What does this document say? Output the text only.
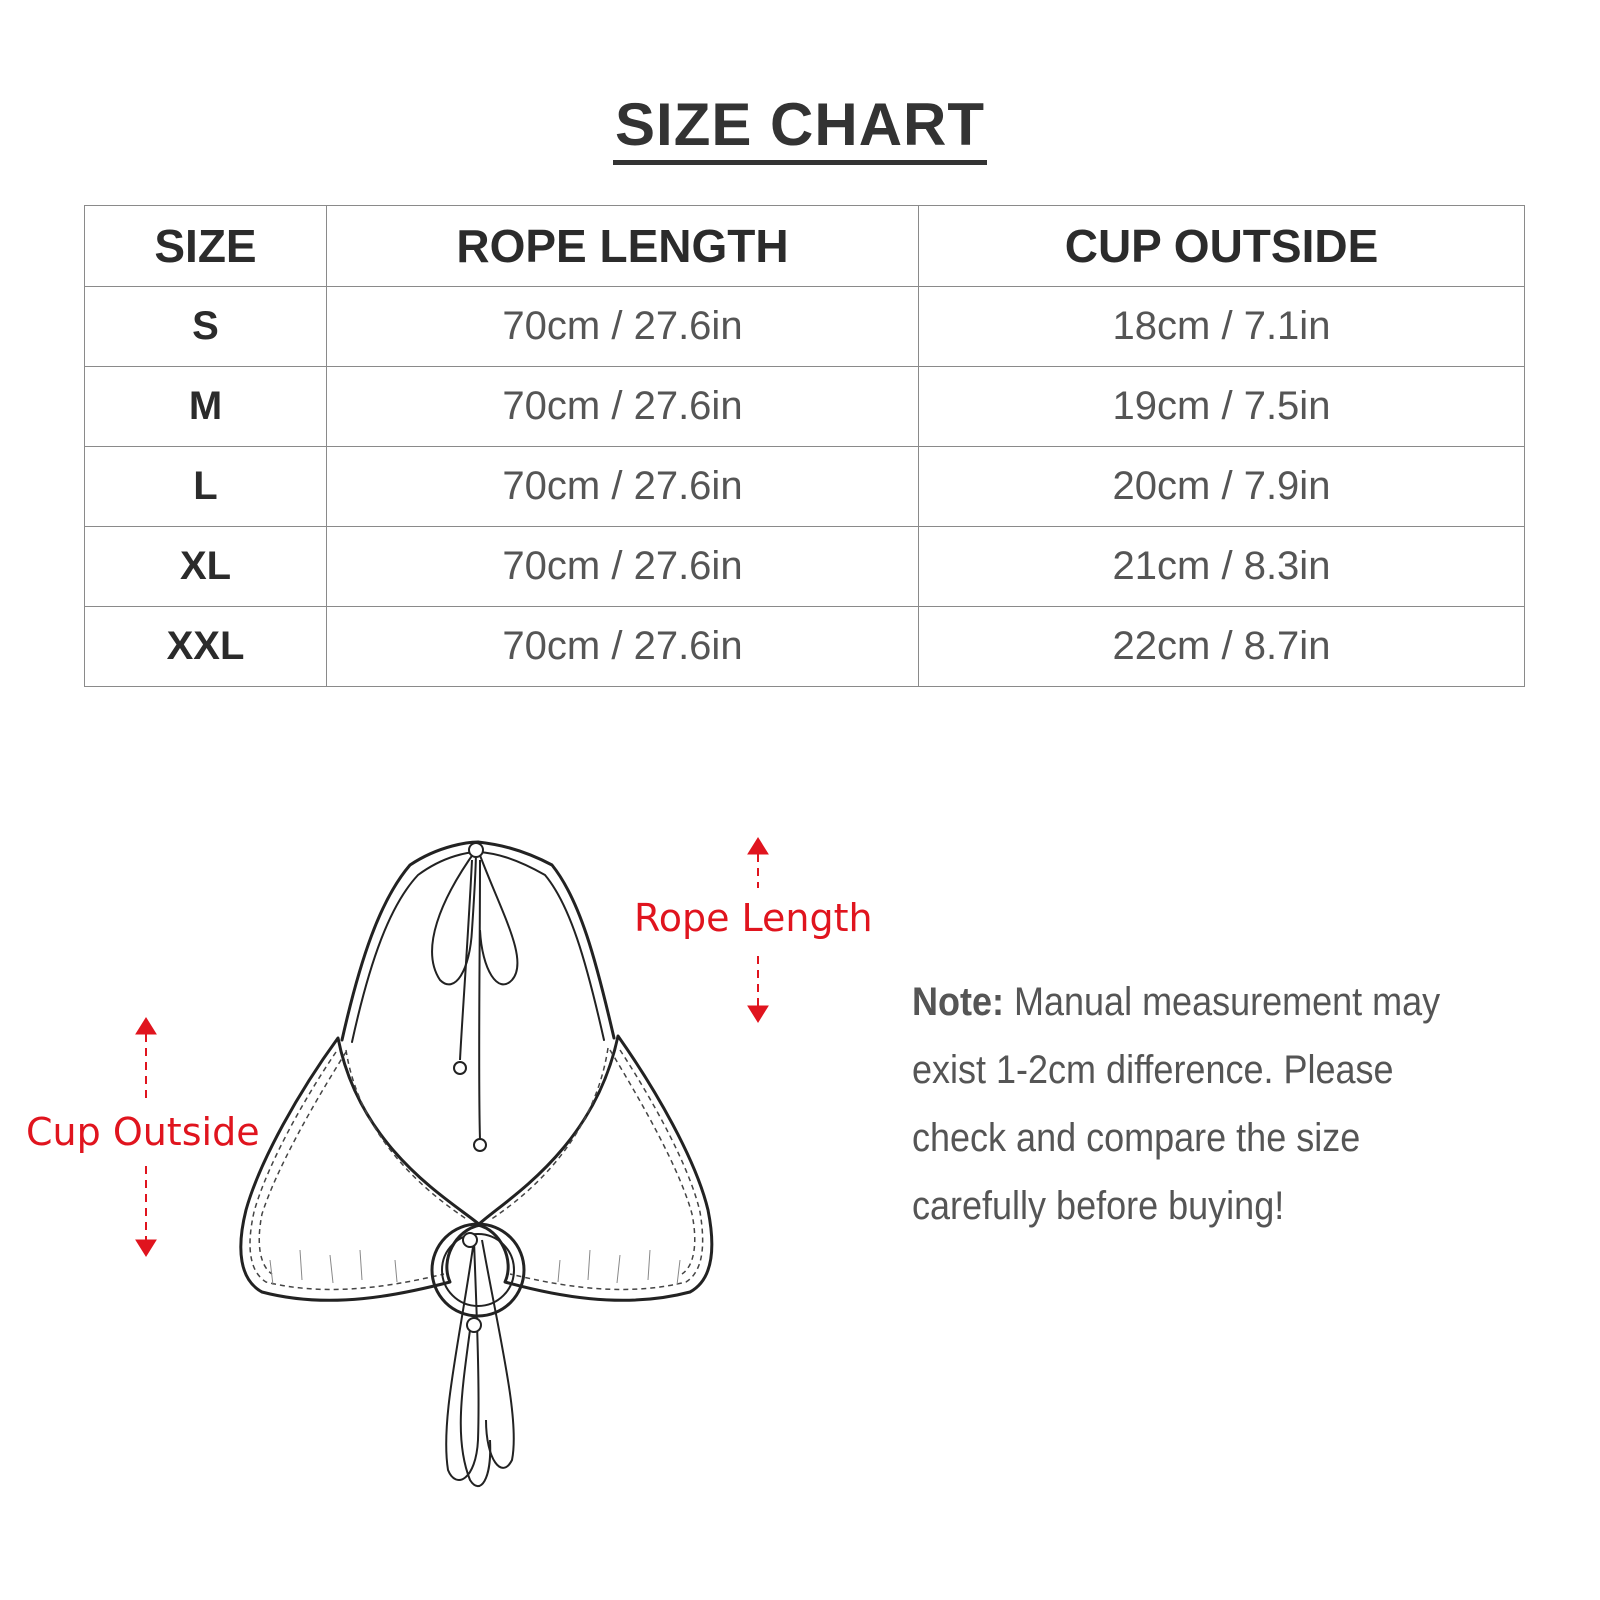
SIZE CHART
SIZE	ROPE LENGTH	CUP OUTSIDE
S	70cm / 27.6in	18cm / 7.1in
M	70cm / 27.6in	19cm / 7.5in
L	70cm / 27.6in	20cm / 7.9in
XL	70cm / 27.6in	21cm / 8.3in
XXL	70cm / 27.6in	22cm / 8.7in
Rope Length
Cup Outside
Note: Manual measurement may exist 1-2cm difference. Please check and compare the size carefully before buying!
